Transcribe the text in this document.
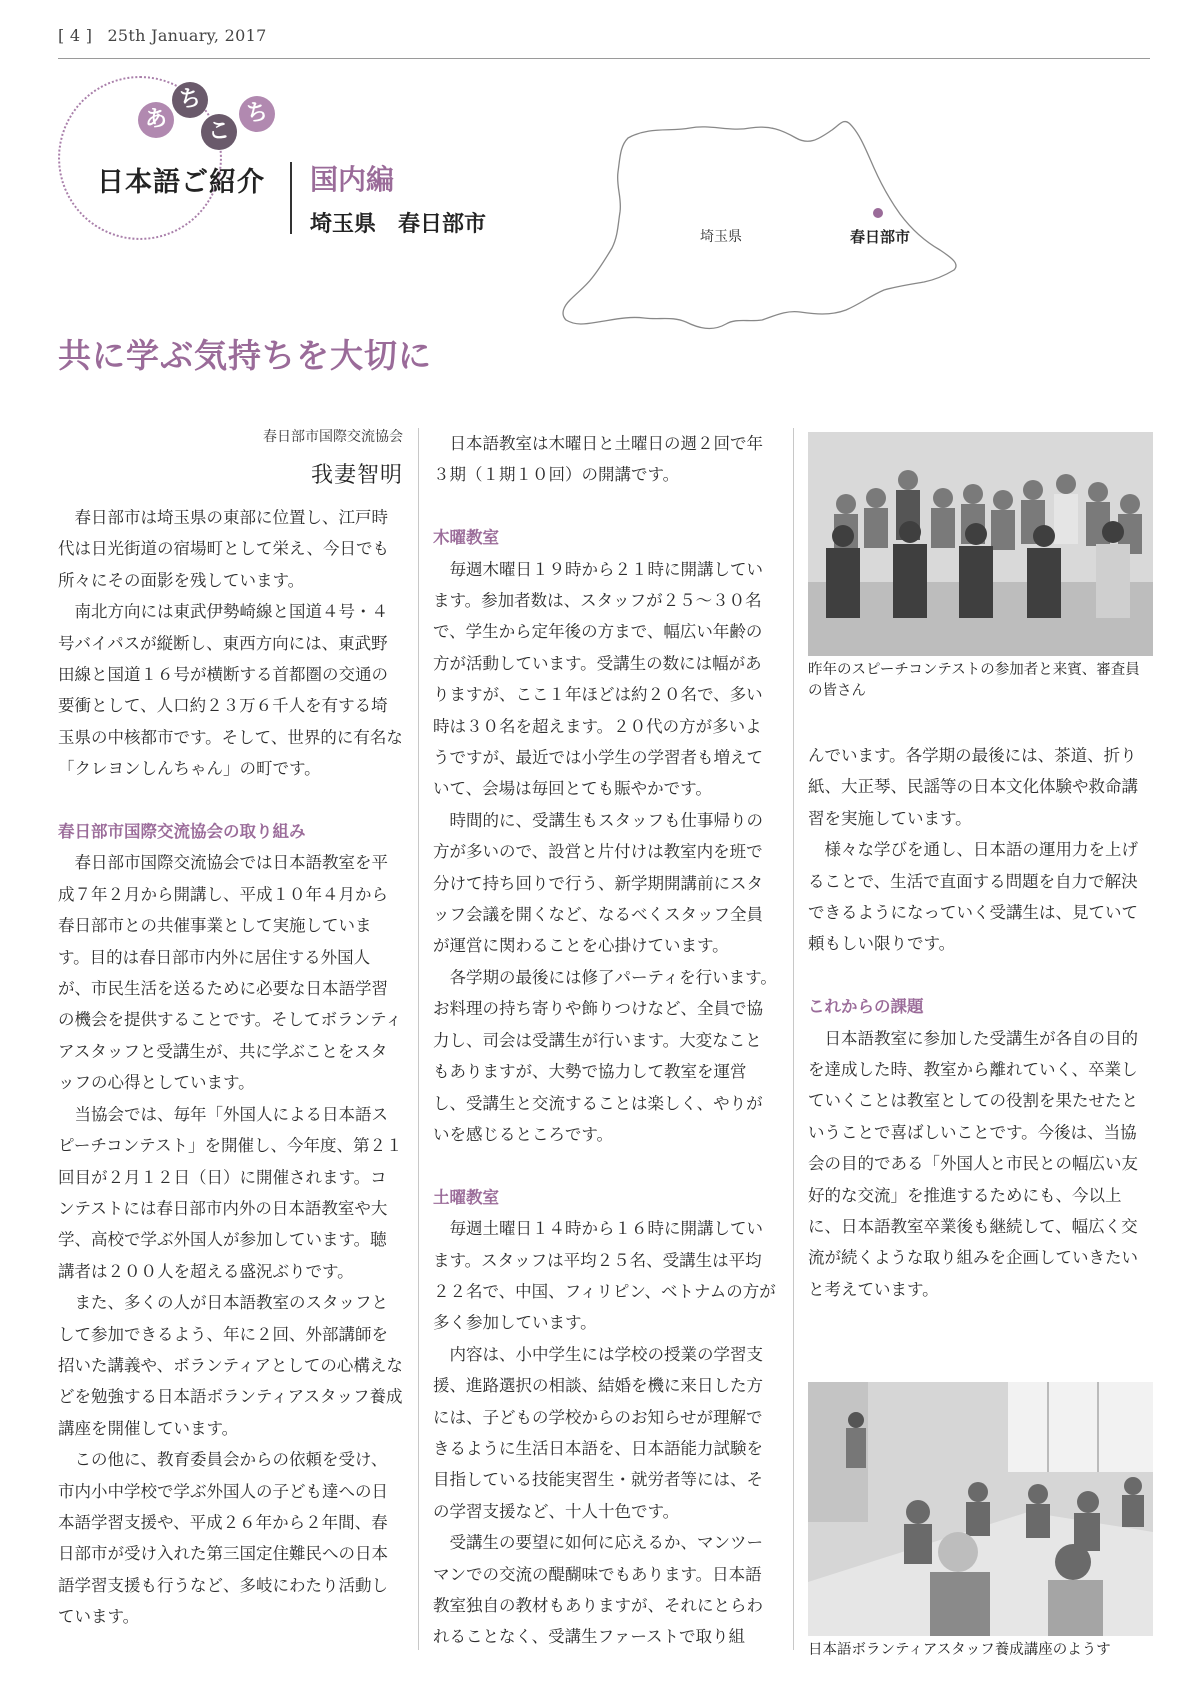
[ 4 ] 25th January, 2017
あ
ち
こ
ち
日本語ご紹介 国内編
埼玉県　春日部市	埼玉県	春日部市
共に学ぶ気持ちを大切に
春日部市国際交流協会
我妻智明

春日部市は埼玉県の東部に位置し、江戸時代は日光街道の宿場町として栄え、今日でも所々にその面影を残しています。

南北方向には東武伊勢崎線と国道４号・４号バイパスが縦断し、東西方向には、東武野田線と国道１６号が横断する首都圏の交通の要衝として、人口約２３万６千人を有する埼玉県の中核都市です。そして、世界的に有名な「クレヨンしんちゃん」の町です。

春日部市国際交流協会の取り組み

春日部市国際交流協会では日本語教室を平成７年２月から開講し、平成１０年４月から春日部市との共催事業として実施しています。目的は春日部市内外に居住する外国人が、市民生活を送るために必要な日本語学習の機会を提供することです。そしてボランティアスタッフと受講生が、共に学ぶことをスタッフの心得としています。

当協会では、毎年「外国人による日本語スピーチコンテスト」を開催し、今年度、第２１回目が２月１２日（日）に開催されます。コンテストには春日部市内外の日本語教室や大学、高校で学ぶ外国人が参加しています。聴講者は２００人を超える盛況ぶりです。

また、多くの人が日本語教室のスタッフとして参加できるよう、年に２回、外部講師を招いた講義や、ボランティアとしての心構えなどを勉強する日本語ボランティアスタッフ養成講座を開催しています。

この他に、教育委員会からの依頼を受け、市内小中学校で学ぶ外国人の子ども達への日本語学習支援や、平成２６年から２年間、春日部市が受け入れた第三国定住難民への日本語学習支援も行うなど、多岐にわたり活動しています。

日本語教室は木曜日と土曜日の週２回で年３期（１期１０回）の開講です。

木曜教室

毎週木曜日１９時から２１時に開講しています。参加者数は、スタッフが２５～３０名で、学生から定年後の方まで、幅広い年齢の方が活動しています。受講生の数には幅がありますが、ここ１年ほどは約２０名で、多い時は３０名を超えます。２０代の方が多いようですが、最近では小学生の学習者も増えていて、会場は毎回とても賑やかです。

時間的に、受講生もスタッフも仕事帰りの方が多いので、設営と片付けは教室内を班で分けて持ち回りで行う、新学期開講前にスタッフ会議を開くなど、なるべくスタッフ全員が運営に関わることを心掛けています。

各学期の最後には修了パーティを行います。お料理の持ち寄りや飾りつけなど、全員で協力し、司会は受講生が行います。大変なこともありますが、大勢で協力して教室を運営し、受講生と交流することは楽しく、やりがいを感じるところです。

土曜教室

毎週土曜日１４時から１６時に開講しています。スタッフは平均２５名、受講生は平均２２名で、中国、フィリピン、ベトナムの方が多く参加しています。

内容は、小中学生には学校の授業の学習支援、進路選択の相談、結婚を機に来日した方には、子どもの学校からのお知らせが理解できるように生活日本語を、日本語能力試験を目指している技能実習生・就労者等には、その学習支援など、十人十色です。

受講生の要望に如何に応えるか、マンツーマンでの交流の醍醐味でもあります。日本語教室独自の教材もありますが、それにとらわれることなく、受講生ファーストで取り組

昨年のスピーチコンテストの参加者と来賓、審査員の皆さん

んでいます。各学期の最後には、茶道、折り紙、大正琴、民謡等の日本文化体験や救命講習を実施しています。

様々な学びを通し、日本語の運用力を上げることで、生活で直面する問題を自力で解決できるようになっていく受講生は、見ていて頼もしい限りです。

これからの課題

日本語教室に参加した受講生が各自の目的を達成した時、教室から離れていく、卒業していくことは教室としての役割を果たせたということで喜ばしいことです。今後は、当協会の目的である「外国人と市民との幅広い友好的な交流」を推進するためにも、今以上に、日本語教室卒業後も継続して、幅広く交流が続くような取り組みを企画していきたいと考えています。

日本語ボランティアスタッフ養成講座のようす
